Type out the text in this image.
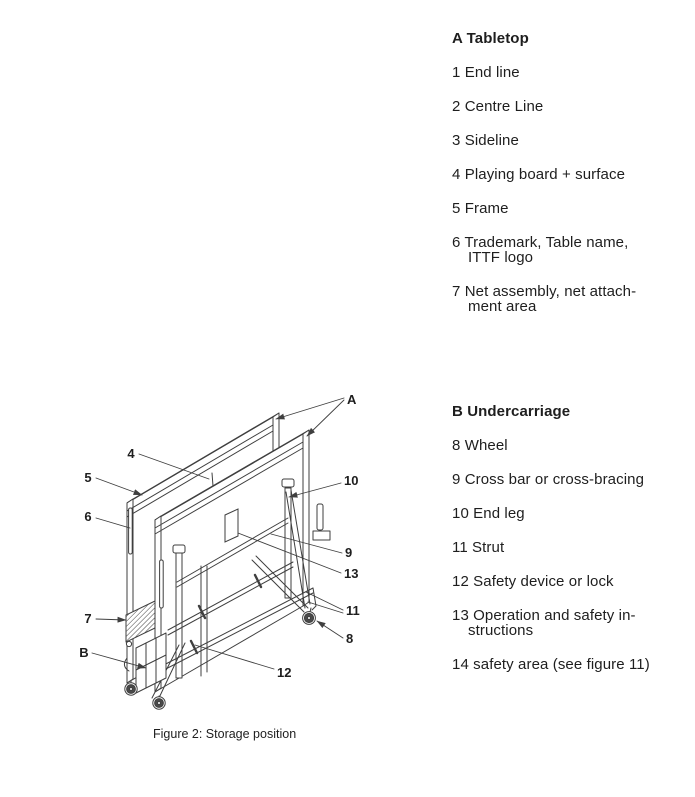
A
4
5
6
7
B
10
9
13
11
8
12
A Tabletop
1 End line
2 Centre Line
3 Sideline
4 Playing board + surface
5 Frame
6 Trademark, Table name,
ITTF logo
7 Net assembly, net attach-
ment area
B Undercarriage
8 Wheel
9 Cross bar or cross-bracing
10 End leg
11 Strut
12 Safety device or lock
13 Operation and safety in-
structions
14 safety area (see figure 11)
Figure 2: Storage position
